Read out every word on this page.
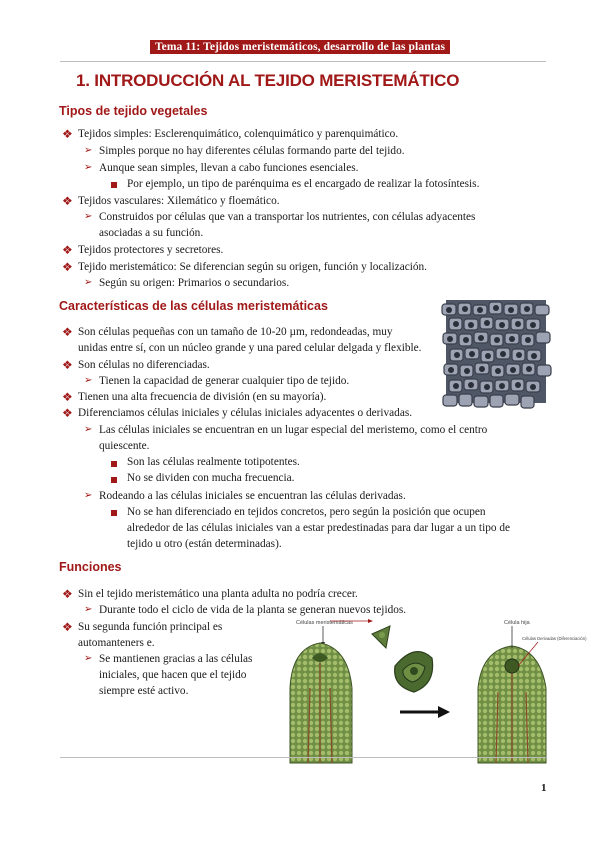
Tema 11: Tejidos meristemáticos, desarrollo de las plantas
1. INTRODUCCIÓN AL TEJIDO MERISTEMÁTICO
Tipos de tejido vegetales
❖ Tejidos simples: Esclerenquimático, colenquimático y parenquimático.
➢ Simples porque no hay diferentes células formando parte del tejido.
➢ Aunque sean simples, llevan a cabo funciones esenciales.
Por ejemplo, un tipo de parénquima es el encargado de realizar la fotosíntesis.
❖ Tejidos vasculares: Xilemático y floemático.
➢ Construidos por células que van a transportar los nutrientes, con células adyacentes
asociadas a su función.
❖ Tejidos protectores y secretores.
❖ Tejido meristemático: Se diferencian según su origen, función y localización.
➢ Según su origen: Primarios o secundarios.
Características de las células meristemáticas
❖ Son células pequeñas con un tamaño de 10-20 µm, redondeadas, muy
unidas entre sí, con un núcleo grande y una pared celular delgada y flexible.
❖ Son células no diferenciadas.
➢ Tienen la capacidad de generar cualquier tipo de tejido.
❖ Tienen una alta frecuencia de división (en su mayoría).
❖ Diferenciamos células iniciales y células iniciales adyacentes o derivadas.
➢ Las células iniciales se encuentran en un lugar especial del meristemo, como el centro
quiescente.
Son las células realmente totipotentes.
No se dividen con mucha frecuencia.
➢ Rodeando a las células iniciales se encuentran las células derivadas.
No se han diferenciado en tejidos concretos, pero según la posición que ocupen
alrededor de las células iniciales van a estar predestinadas para dar lugar a un tipo de
tejido u otro (están determinadas).
Funciones
❖ Sin el tejido meristemático una planta adulta no podría crecer.
➢ Durante todo el ciclo de vida de la planta se generan nuevos tejidos.
❖ Su segunda función principal es
automanteners e.
➢ Se mantienen gracias a las células
iniciales, que hacen que el tejido
siempre esté activo.
Células meristemáticas	Célula hija
Células Derivadas (Diferenciación)
1
